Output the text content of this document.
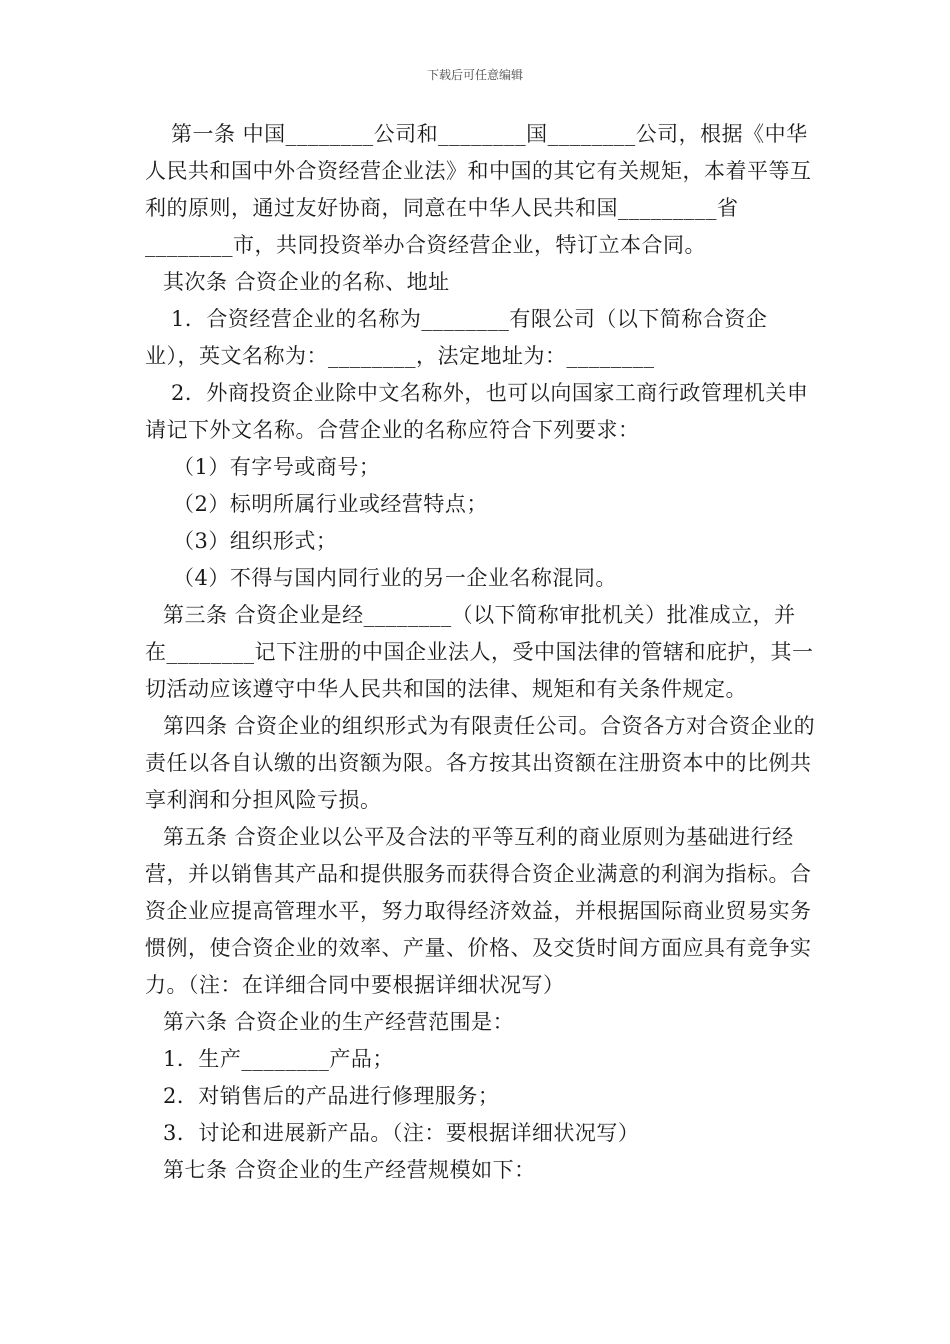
下载后可任意编辑

第一条 中国________公司和________国________公司，根据《中华人民共和国中外合资经营企业法》和中国的其它有关规矩，本着平等互利的原则，通过友好协商，同意在中华人民共和国_________省________市，共同投资举办合资经营企业，特订立本合同。

其次条 合资企业的名称、地址

1．合资经营企业的名称为________有限公司（以下简称合资企业），英文名称为：________，法定地址为：________

2．外商投资企业除中文名称外，也可以向国家工商行政管理机关申请记下外文名称。合营企业的名称应符合下列要求：

（1）有字号或商号；

（2）标明所属行业或经营特点；

（3）组织形式；

（4）不得与国内同行业的另一企业名称混同。

第三条 合资企业是经________（以下简称审批机关）批准成立，并在________记下注册的中国企业法人，受中国法律的管辖和庇护，其一切活动应该遵守中华人民共和国的法律、规矩和有关条件规定。

第四条 合资企业的组织形式为有限责任公司。合资各方对合资企业的责任以各自认缴的出资额为限。各方按其出资额在注册资本中的比例共享利润和分担风险亏损。

第五条 合资企业以公平及合法的平等互利的商业原则为基础进行经营，并以销售其产品和提供服务而获得合资企业满意的利润为指标。合资企业应提高管理水平，努力取得经济效益，并根据国际商业贸易实务惯例，使合资企业的效率、产量、价格、及交货时间方面应具有竞争实力。（注：在详细合同中要根据详细状况写）

第六条 合资企业的生产经营范围是：

1．生产________产品；

2．对销售后的产品进行修理服务；

3．讨论和进展新产品。（注：要根据详细状况写）

第七条 合资企业的生产经营规模如下：
